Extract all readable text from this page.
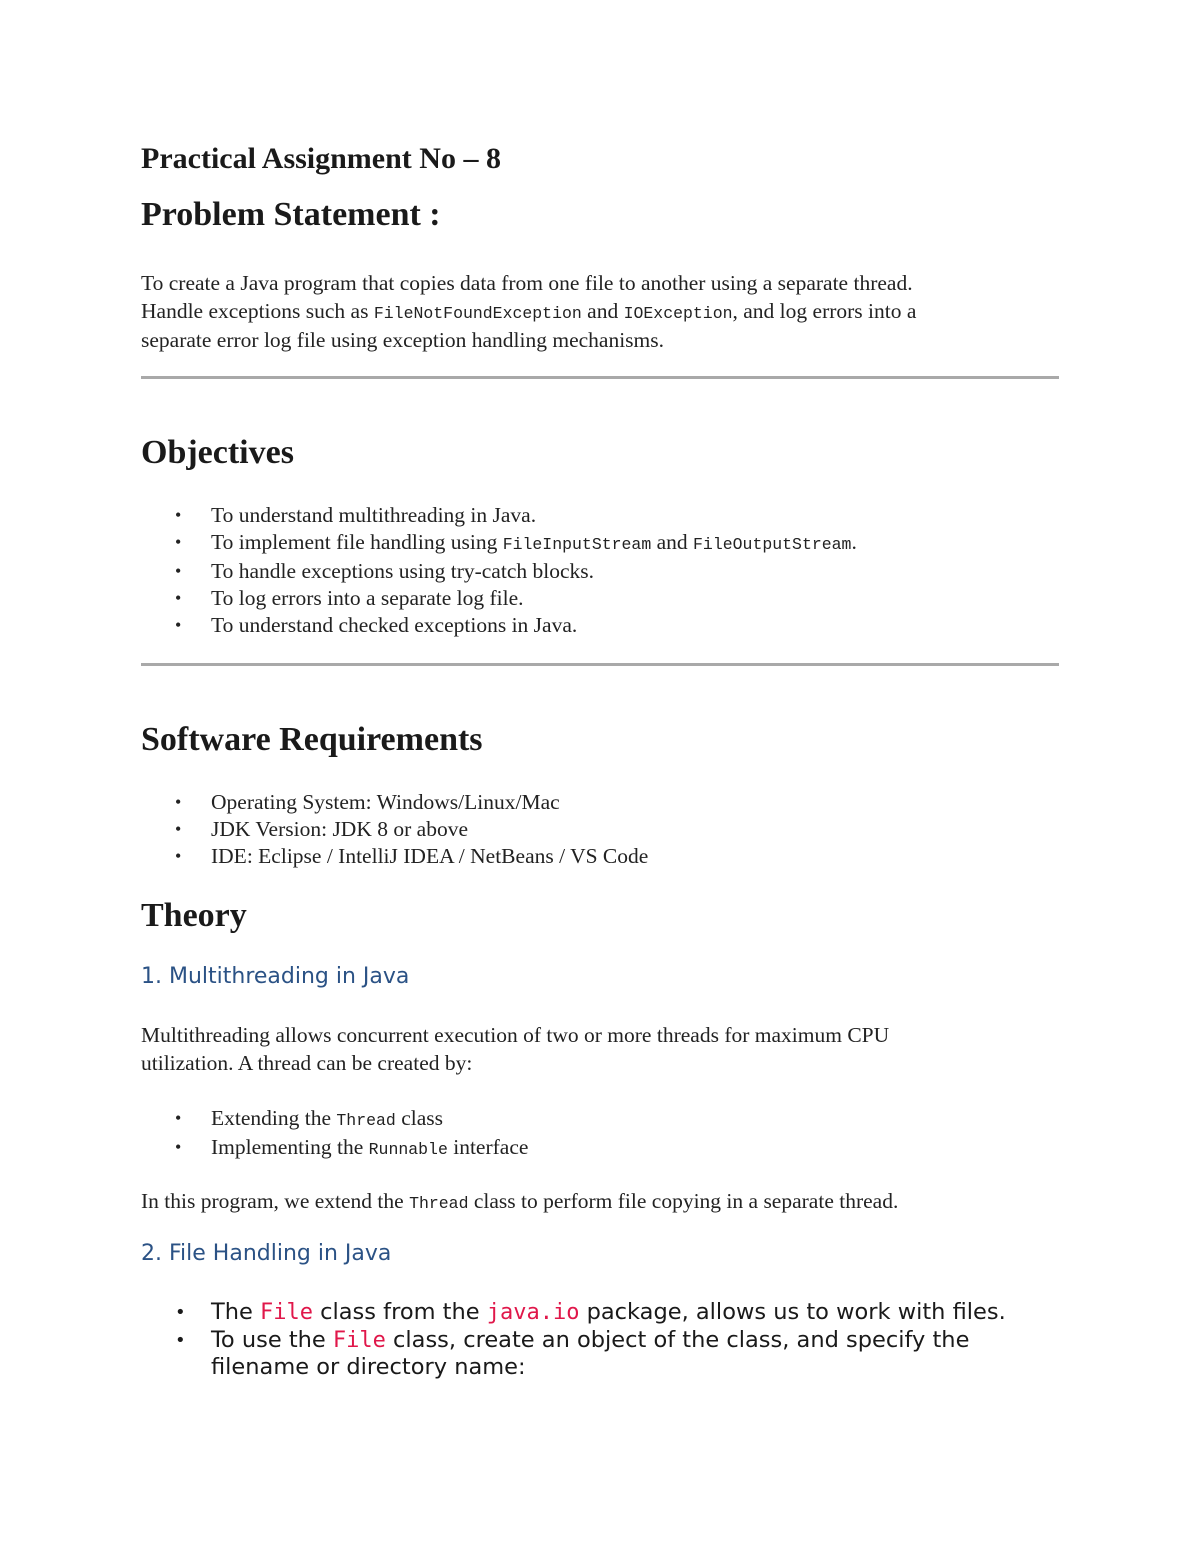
Practical Assignment No – 8
Problem Statement :
To create a Java program that copies data from one file to another using a separate thread.
Handle exceptions such as FileNotFoundException and IOException, and log errors into a
separate error log file using exception handling mechanisms.
Objectives
• To understand multithreading in Java.
• To implement file handling using FileInputStream and FileOutputStream.
• To handle exceptions using try-catch blocks.
• To log errors into a separate log file.
• To understand checked exceptions in Java.
Software Requirements
• Operating System: Windows/Linux/Mac
• JDK Version: JDK 8 or above
• IDE: Eclipse / IntelliJ IDEA / NetBeans / VS Code
Theory
1. Multithreading in Java
Multithreading allows concurrent execution of two or more threads for maximum CPU
utilization. A thread can be created by:
• Extending the Thread class
• Implementing the Runnable interface
In this program, we extend the Thread class to perform file copying in a separate thread.
2. File Handling in Java
• The File class from the java.io package, allows us to work with files.
• To use the File class, create an object of the class, and specify the
filename or directory name:
